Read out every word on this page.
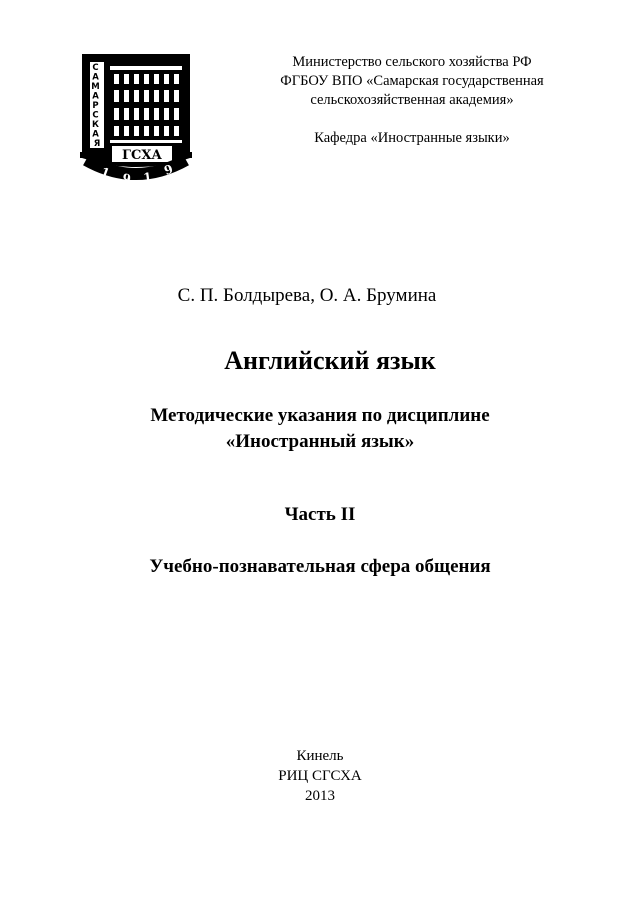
С А М А Р С К А Я
ГСХА
1 9 1 9
Министерство сельского хозяйства РФ
ФГБОУ ВПО «Самарская государственная
сельскохозяйственная академия»
Кафедра «Иностранные языки»
С. П. Болдырева, О. А. Брумина
Английский язык
Методические указания по дисциплине
«Иностранный язык»
Часть II
Учебно-познавательная сфера общения
Кинель
РИЦ СГСХА
2013
